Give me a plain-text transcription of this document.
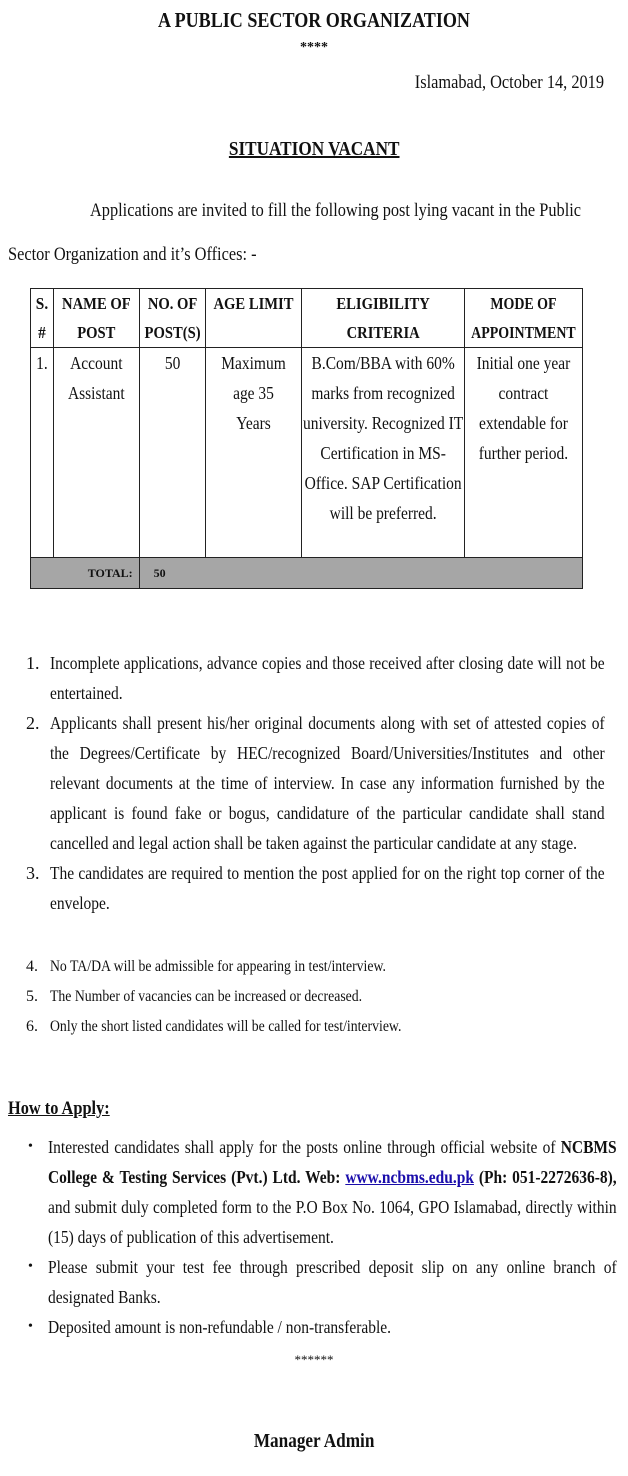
A PUBLIC SECTOR ORGANIZATION
****
Islamabad, October 14, 2019
SITUATION VACANT
Applications are invited to fill the following post lying vacant in the Public
Sector Organization and it’s Offices: -
S. #	NAME OF POST	NO. OF POST(S)	AGE LIMIT	ELIGIBILITY CRITERIA	MODE OF APPOINTMENT

1.	Account Assistant	50	Maximum age 35 Years	B.Com/BBA with 60% marks from recognized university. Recognized IT Certification in MS-Office. SAP Certification will be preferred.	Initial one year contract extendable for further period.

TOTAL:		50			
1. Incomplete applications, advance copies and those received after closing date will not be entertained.
2. Applicants shall present his/her original documents along with set of attested copies of the Degrees/Certificate by HEC/recognized Board/Universities/Institutes and other relevant documents at the time of interview. In case any information furnished by the applicant is found fake or bogus, candidature of the particular candidate shall stand cancelled and legal action shall be taken against the particular candidate at any stage.
3. The candidates are required to mention the post applied for on the right top corner of the envelope.
4. No TA/DA will be admissible for appearing in test/interview.
5. The Number of vacancies can be increased or decreased.
6. Only the short listed candidates will be called for test/interview.
How to Apply:
• Interested candidates shall apply for the posts online through official website of NCBMS College & Testing Services (Pvt.) Ltd. Web: www.ncbms.edu.pk (Ph: 051-2272636-8), and submit duly completed form to the P.O Box No. 1064, GPO Islamabad, directly within (15) days of publication of this advertisement.
• Please submit your test fee through prescribed deposit slip on any online branch of designated Banks.
• Deposited amount is non-refundable / non-transferable.
******
Manager Admin
